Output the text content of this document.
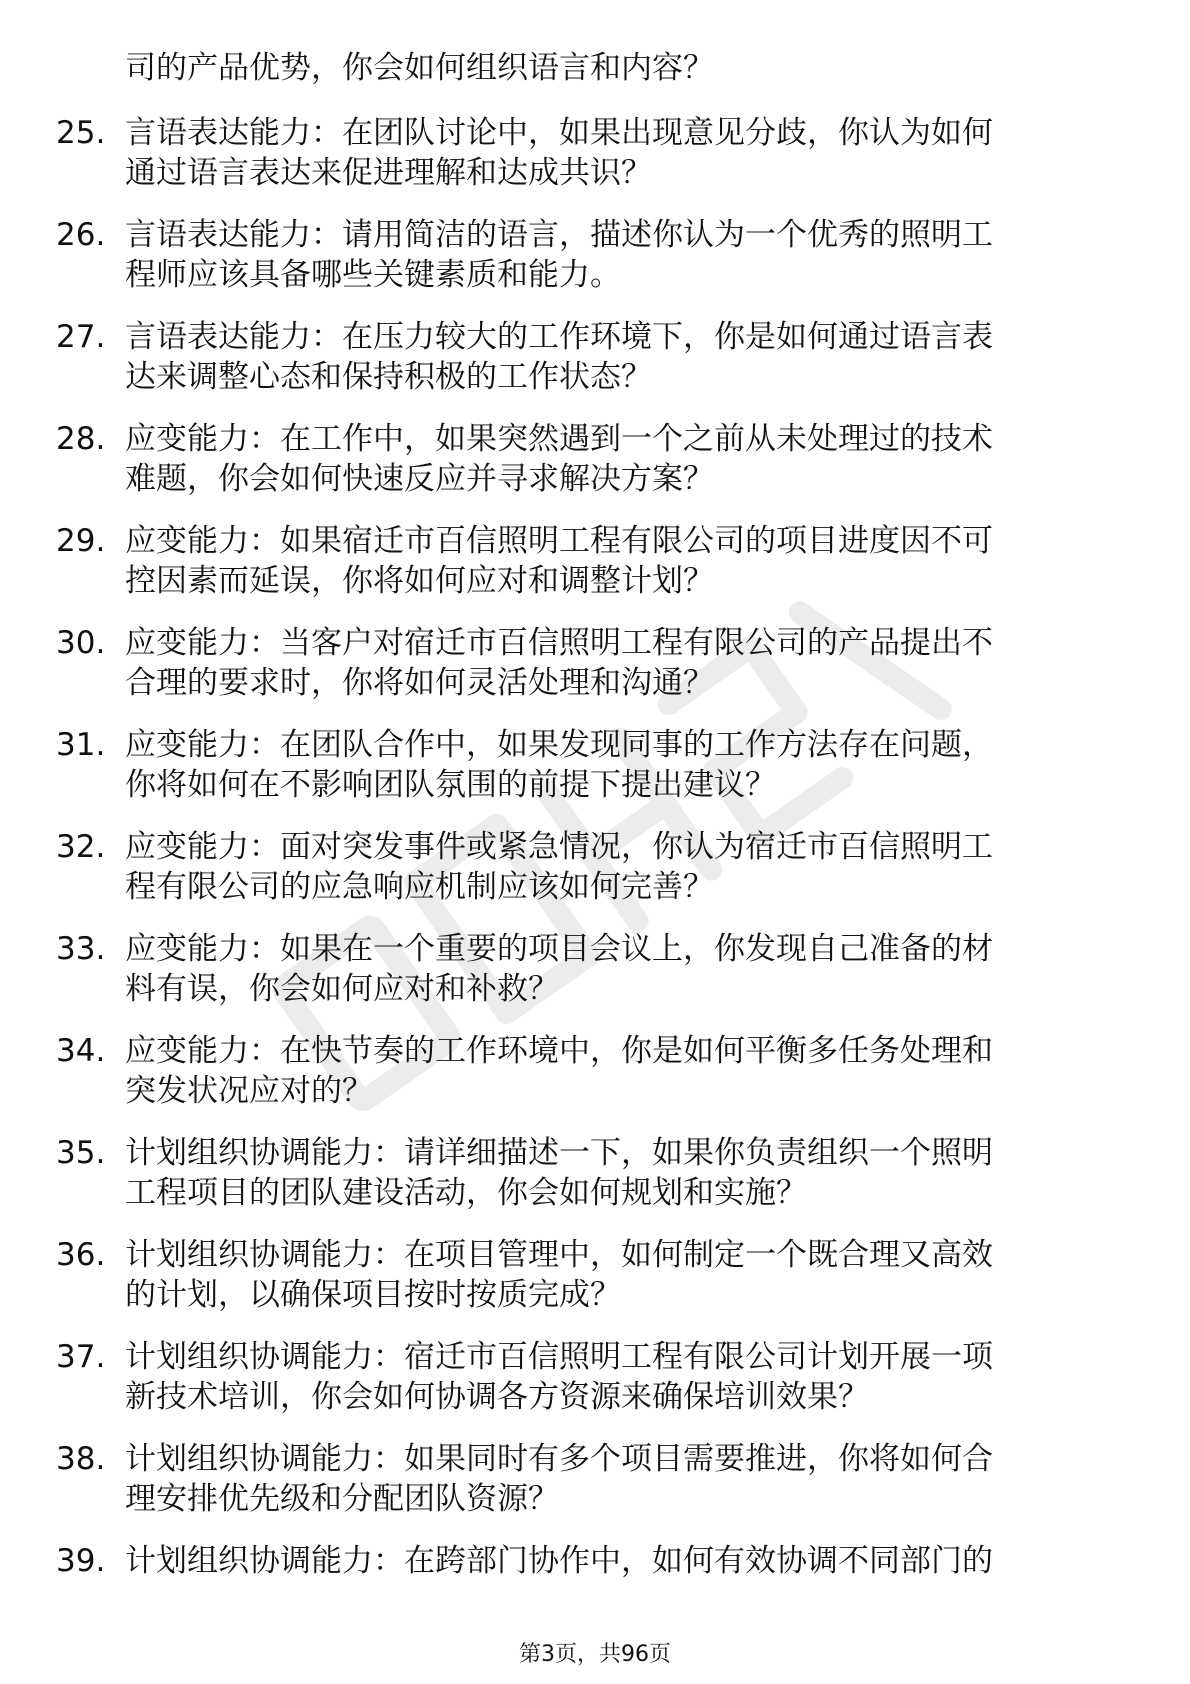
司的产品优势，你会如何组织语言和内容？
25. 言语表达能力：在团队讨论中，如果出现意见分歧，你认为如何
通过语言表达来促进理解和达成共识？
26. 言语表达能力：请用简洁的语言，描述你认为一个优秀的照明工
程师应该具备哪些关键素质和能力。
27. 言语表达能力：在压力较大的工作环境下，你是如何通过语言表
达来调整心态和保持积极的工作状态？
28. 应变能力：在工作中，如果突然遇到一个之前从未处理过的技术
难题，你会如何快速反应并寻求解决方案？
29. 应变能力：如果宿迁市百信照明工程有限公司的项目进度因不可
控因素而延误，你将如何应对和调整计划？
30. 应变能力：当客户对宿迁市百信照明工程有限公司的产品提出不
合理的要求时，你将如何灵活处理和沟通？
31. 应变能力：在团队合作中，如果发现同事的工作方法存在问题，
你将如何在不影响团队氛围的前提下提出建议？
32. 应变能力：面对突发事件或紧急情况，你认为宿迁市百信照明工
程有限公司的应急响应机制应该如何完善？
33. 应变能力：如果在一个重要的项目会议上，你发现自己准备的材
料有误，你会如何应对和补救？
34. 应变能力：在快节奏的工作环境中，你是如何平衡多任务处理和
突发状况应对的？
35. 计划组织协调能力：请详细描述一下，如果你负责组织一个照明
工程项目的团队建设活动，你会如何规划和实施？
36. 计划组织协调能力：在项目管理中，如何制定一个既合理又高效
的计划，以确保项目按时按质完成？
37. 计划组织协调能力：宿迁市百信照明工程有限公司计划开展一项
新技术培训，你会如何协调各方资源来确保培训效果？
38. 计划组织协调能力：如果同时有多个项目需要推进，你将如何合
理安排优先级和分配团队资源？
39. 计划组织协调能力：在跨部门协作中，如何有效协调不同部门的
第3页，共96页
